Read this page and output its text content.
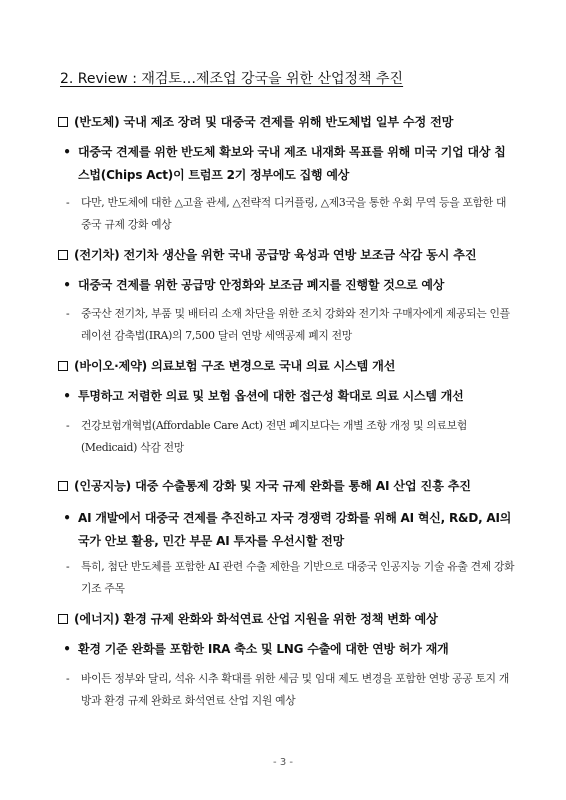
2. Review : 재검토…제조업 강국을 위한 산업정책 추진
(반도체) 국내 제조 장려 및 대중국 견제를 위해 반도체법 일부 수정 전망
• 대중국 견제를 위한 반도체 확보와 국내 제조 내재화 목표를 위해 미국 기업 대상 칩스법(Chips Act)이 트럼프 2기 정부에도 집행 예상
- 다만, 반도체에 대한 △고율 관세, △전략적 디커플링, △제3국을 통한 우회 무역 등을 포함한 대중국 규제 강화 예상
(전기차) 전기차 생산을 위한 국내 공급망 육성과 연방 보조금 삭감 동시 추진
• 대중국 견제를 위한 공급망 안정화와 보조금 폐지를 진행할 것으로 예상
- 중국산 전기차, 부품 및 배터리 소재 차단을 위한 조치 강화와 전기차 구매자에게 제공되는 인플레이션 감축법(IRA)의 7,500 달러 연방 세액공제 폐지 전망
(바이오·제약) 의료보험 구조 변경으로 국내 의료 시스템 개선
• 투명하고 저렴한 의료 및 보험 옵션에 대한 접근성 확대로 의료 시스템 개선
- 건강보험개혁법(Affordable Care Act) 전면 폐지보다는 개별 조항 개정 및 의료보험(Medicaid) 삭감 전망
(인공지능) 대중 수출통제 강화 및 자국 규제 완화를 통해 AI 산업 진흥 추진
• AI 개발에서 대중국 견제를 추진하고 자국 경쟁력 강화를 위해 AI 혁신, R&D, AI의 국가 안보 활용, 민간 부문 AI 투자를 우선시할 전망
- 특히, 첨단 반도체를 포함한 AI 관련 수출 제한을 기반으로 대중국 인공지능 기술 유출 견제 강화 기조 주목
(에너지) 환경 규제 완화와 화석연료 산업 지원을 위한 정책 변화 예상
• 환경 기준 완화를 포함한 IRA 축소 및 LNG 수출에 대한 연방 허가 재개
- 바이든 정부와 달리, 석유 시추 확대를 위한 세금 및 임대 제도 변경을 포함한 연방 공공 토지 개방과 환경 규제 완화로 화석연료 산업 지원 예상
- 3 -
